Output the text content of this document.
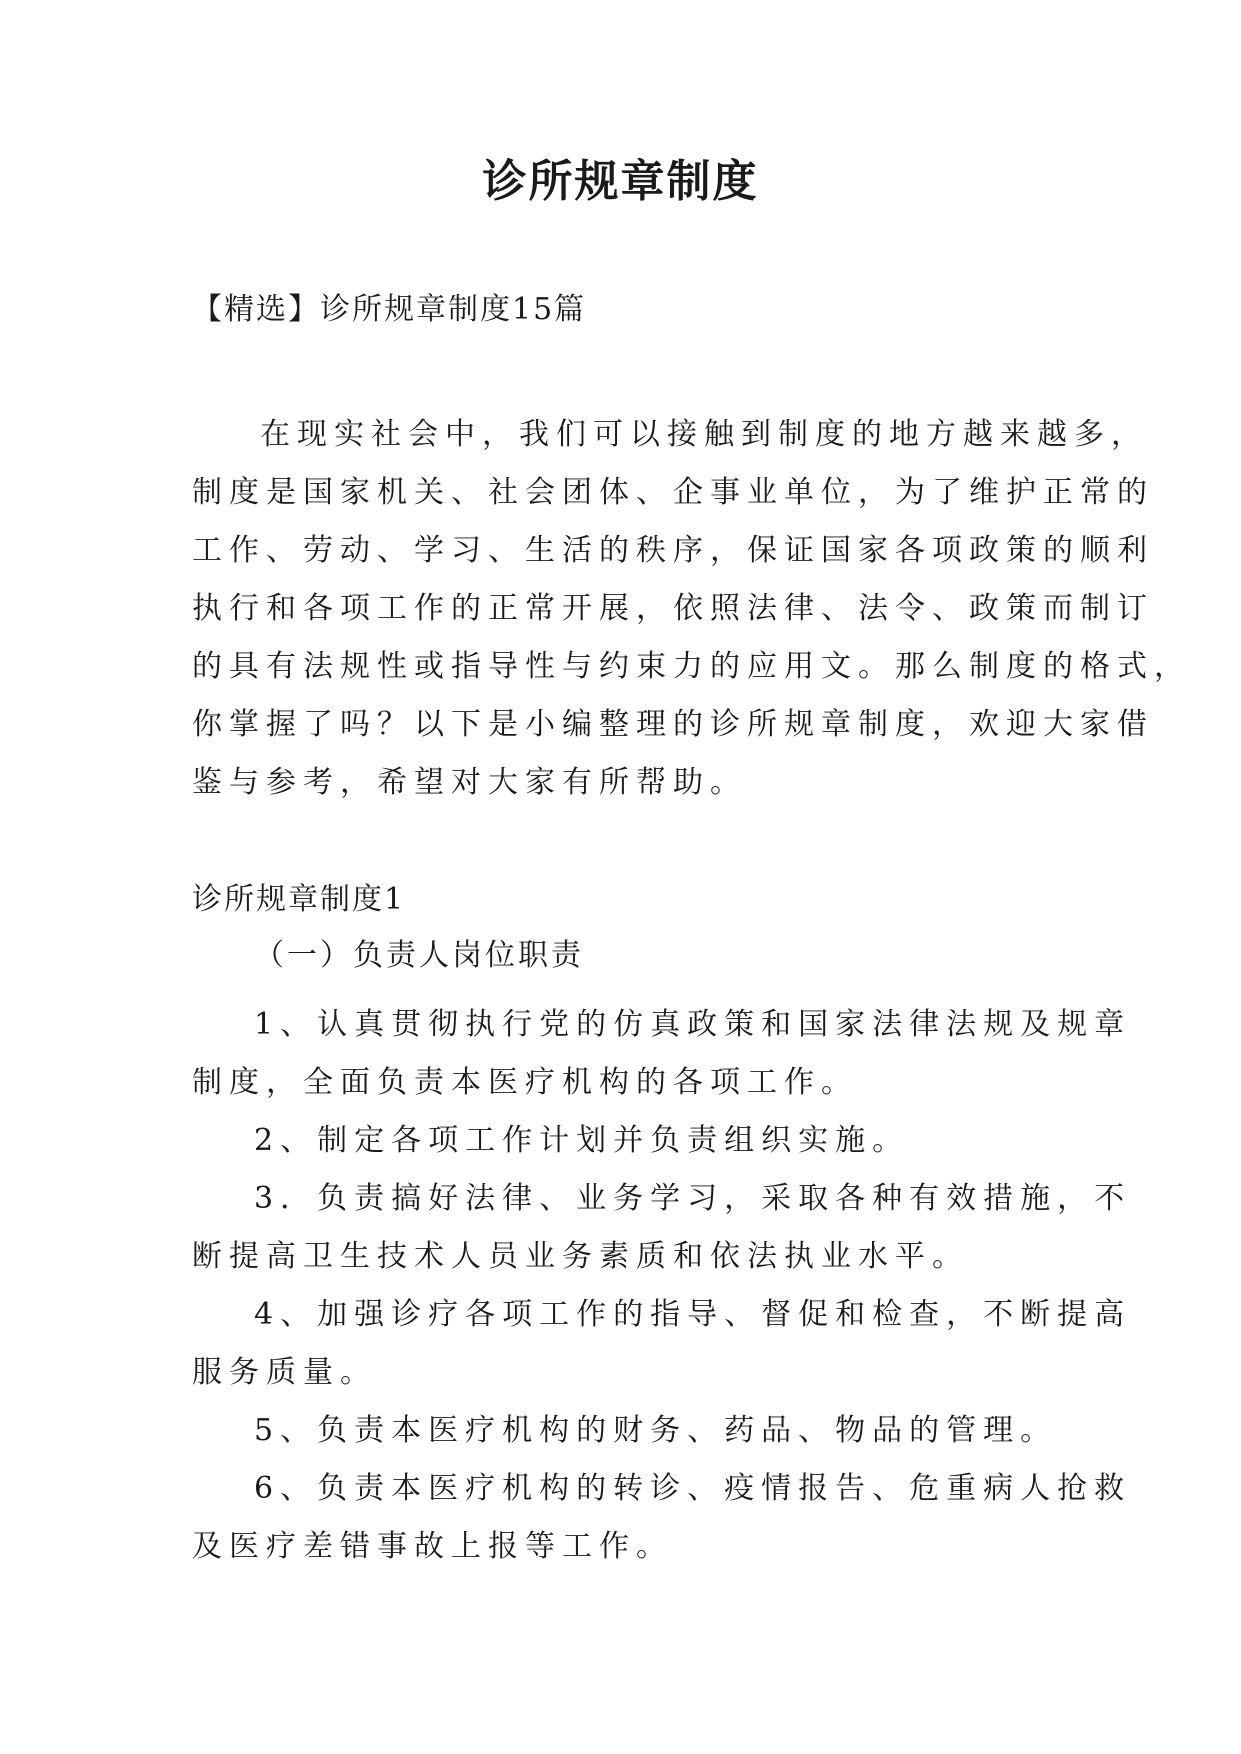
诊所规章制度

【精选】诊所规章制度15篇

在现实社会中，我们可以接触到制度的地方越来越多，
制度是国家机关、社会团体、企事业单位，为了维护正常的
工作、劳动、学习、生活的秩序，保证国家各项政策的顺利
执行和各项工作的正常开展，依照法律、法令、政策而制订
的具有法规性或指导性与约束力的应用文。那么制度的格式，
你掌握了吗？以下是小编整理的诊所规章制度，欢迎大家借
鉴与参考，希望对大家有所帮助。

诊所规章制度1

（一）负责人岗位职责

1、认真贯彻执行党的仿真政策和国家法律法规及规章
制度，全面负责本医疗机构的各项工作。
2、制定各项工作计划并负责组织实施。
3．负责搞好法律、业务学习，采取各种有效措施，不
断提高卫生技术人员业务素质和依法执业水平。
4、加强诊疗各项工作的指导、督促和检查，不断提高
服务质量。
5、负责本医疗机构的财务、药品、物品的管理。
6、负责本医疗机构的转诊、疫情报告、危重病人抢救
及医疗差错事故上报等工作。
